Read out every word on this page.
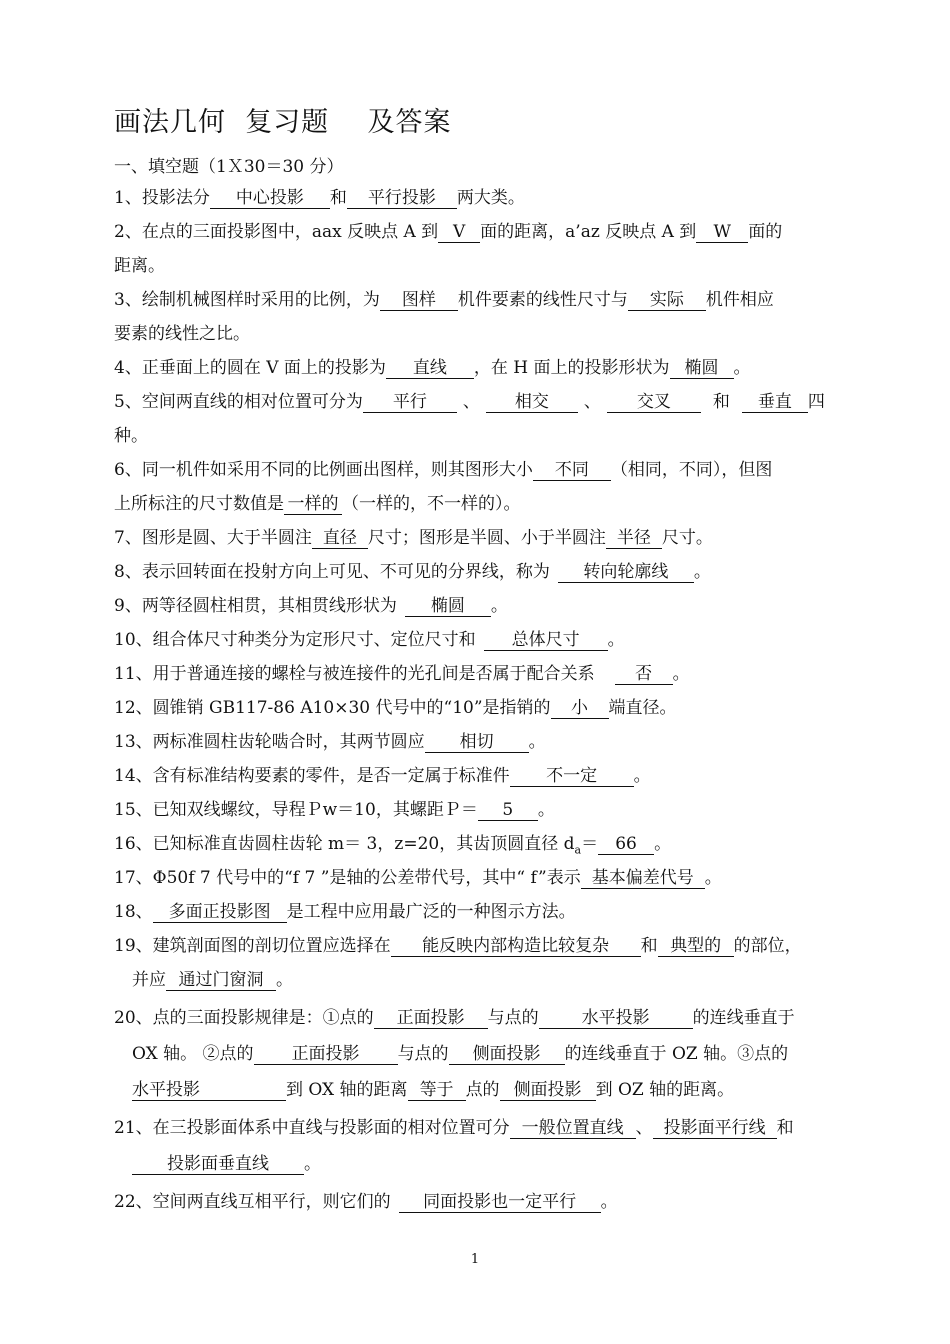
画法几何  复习题    及答案
一、填空题（1Ｘ30＝30 分）
1、投影法分 中心投影 和 平行投影 两大类。
2、在点的三面投影图中，aax 反映点 A 到 V 面的距离，a’az 反映点 A 到 W 面的
距离。
3、绘制机械图样时采用的比例，为 图样 机件要素的线性尺寸与 实际 机件相应
要素的线性之比。
4、正垂面上的圆在 V 面上的投影为 直线 ，在 H 面上的投影形状为 椭圆 。
5、空间两直线的相对位置可分为 平行 、 相交 、 交叉 和 垂直 四
种。
6、同一机件如采用不同的比例画出图样，则其图形大小 不同 （相同，不同），但图
上所标注的尺寸数值是 一样的 （一样的，不一样的）。
7、图形是圆、大于半圆注 直径 尺寸；图形是半圆、小于半圆注 半径 尺寸。
8、表示回转面在投射方向上可见、不可见的分界线，称为 转向轮廓线 。
9、两等径圆柱相贯，其相贯线形状为 椭圆 。
10、组合体尺寸种类分为定形尺寸、定位尺寸和 总体尺寸 。
11、用于普通连接的螺栓与被连接件的光孔间是否属于配合关系 否 。
12、圆锥销 GB117-86 A10×30 代号中的“10”是指销的 小 端直径。
13、两标准圆柱齿轮啮合时，其两节圆应 相切 。
14、含有标准结构要素的零件，是否一定属于标准件 不一定 。
15、已知双线螺纹，导程Ｐw＝10，其螺距Ｐ＝ 5 。
16、已知标准直齿圆柱齿轮 m＝ 3，z=20，其齿顶圆直径 $d_a= 66$ 。
17、Φ50f 7 代号中的“f 7 ”是轴的公差带代号，其中“ f”表示 基本偏差代号 。
18、 多面正投影图 是工程中应用最广泛的一种图示方法。
19、建筑剖面图的剖切位置应选择在 能反映内部构造比较复杂 和 典型的 的部位，
并应 通过门窗洞 。
20、点的三面投影规律是：①点的 正面投影 与点的	水平投影	的连线垂直于
OX 轴。 ②点的 正面投影 与点的 侧面投影 的连线垂直于 OZ 轴。③点的
水平投影	到 OX 轴的距离 等于 点的 侧面投影 到 OZ 轴的距离。
21、在三投影面体系中直线与投影面的相对位置可分 一般位置直线 、 投影面平行线 和
投影面垂直线 。
22、空间两直线互相平行，则它们的 同面投影也一定平行 。
1
